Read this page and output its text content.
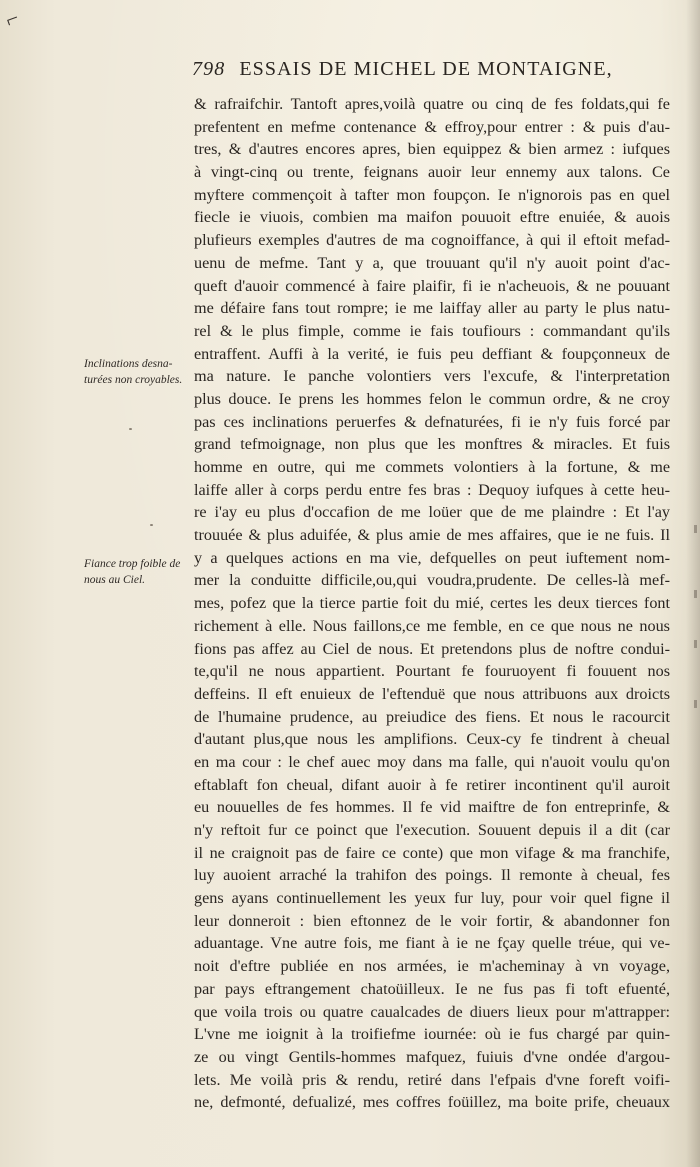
⌐
798 ESSAIS DE MICHEL DE MONTAIGNE,
Inclinations desna-turées non croyables.
Fiance trop foible de nous au Ciel.
& rafraifchir. Tantoft apres,voilà quatre ou cinq de fes foldats,qui fe
prefentent en mefme contenance & effroy,pour entrer : & puis d'au-
tres, & d'autres encores apres, bien equippez & bien armez : iufques
à vingt-cinq ou trente, feignans auoir leur ennemy aux talons. Ce
myftere commençoit à tafter mon foupçon. Ie n'ignorois pas en quel
fiecle ie viuois, combien ma maifon pouuoit eftre enuiée, & auois
plufieurs exemples d'autres de ma cognoiffance, à qui il eftoit mefad-
uenu de mefme. Tant y a, que trouuant qu'il n'y auoit point d'ac-
queft d'auoir commencé à faire plaifir, fi ie n'acheuois, & ne pouuant
me défaire fans tout rompre; ie me laiffay aller au party le plus natu-
rel & le plus fimple, comme ie fais toufiours : commandant qu'ils
entraffent. Auffi à la verité, ie fuis peu deffiant & foupçonneux de
ma nature. Ie panche volontiers vers l'excufe, & l'interpretation
plus douce. Ie prens les hommes felon le commun ordre, & ne croy
pas ces inclinations peruerfes & defnaturées, fi ie n'y fuis forcé par
grand tefmoignage, non plus que les monftres & miracles. Et fuis
homme en outre, qui me commets volontiers à la fortune, & me
laiffe aller à corps perdu entre fes bras : Dequoy iufques à cette heu-
re i'ay eu plus d'occafion de me loüer que de me plaindre : Et l'ay
trouuée & plus aduifée, & plus amie de mes affaires, que ie ne fuis. Il
y a quelques actions en ma vie, defquelles on peut iuftement nom-
mer la conduitte difficile,ou,qui voudra,prudente. De celles-là mef-
mes, pofez que la tierce partie foit du mié, certes les deux tierces font
richement à elle. Nous faillons,ce me femble, en ce que nous ne nous
fions pas affez au Ciel de nous. Et pretendons plus de noftre condui-
te,qu'il ne nous appartient. Pourtant fe fouruoyent fi fouuent nos
deffeins. Il eft enuieux de l'eftenduë que nous attribuons aux droicts
de l'humaine prudence, au preiudice des fiens. Et nous le racourcit
d'autant plus,que nous les amplifions. Ceux-cy fe tindrent à cheual
en ma cour : le chef auec moy dans ma falle, qui n'auoit voulu qu'on
eftablaft fon cheual, difant auoir à fe retirer incontinent qu'il auroit
eu nouuelles de fes hommes. Il fe vid maiftre de fon entreprinfe, &
n'y reftoit fur ce poinct que l'execution. Souuent depuis il a dit (car
il ne craignoit pas de faire ce conte) que mon vifage & ma franchife,
luy auoient arraché la trahifon des poings. Il remonte à cheual, fes
gens ayans continuellement les yeux fur luy, pour voir quel figne il
leur donneroit : bien eftonnez de le voir fortir, & abandonner fon
aduantage. Vne autre fois, me fiant à ie ne fçay quelle tréue, qui ve-
noit d'eftre publiée en nos armées, ie m'acheminay à vn voyage,
par pays eftrangement chatoüilleux. Ie ne fus pas fi toft efuenté,
que voila trois ou quatre caualcades de diuers lieux pour m'attrapper:
L'vne me ioignit à la troifiefme iournée: où ie fus chargé par quin-
ze ou vingt Gentils-hommes mafquez, fuiuis d'vne ondée d'argou-
lets. Me voilà pris & rendu, retiré dans l'efpais d'vne foreft voifi-
ne, defmonté, defualizé, mes coffres foüillez, ma boite prife, cheuaux
